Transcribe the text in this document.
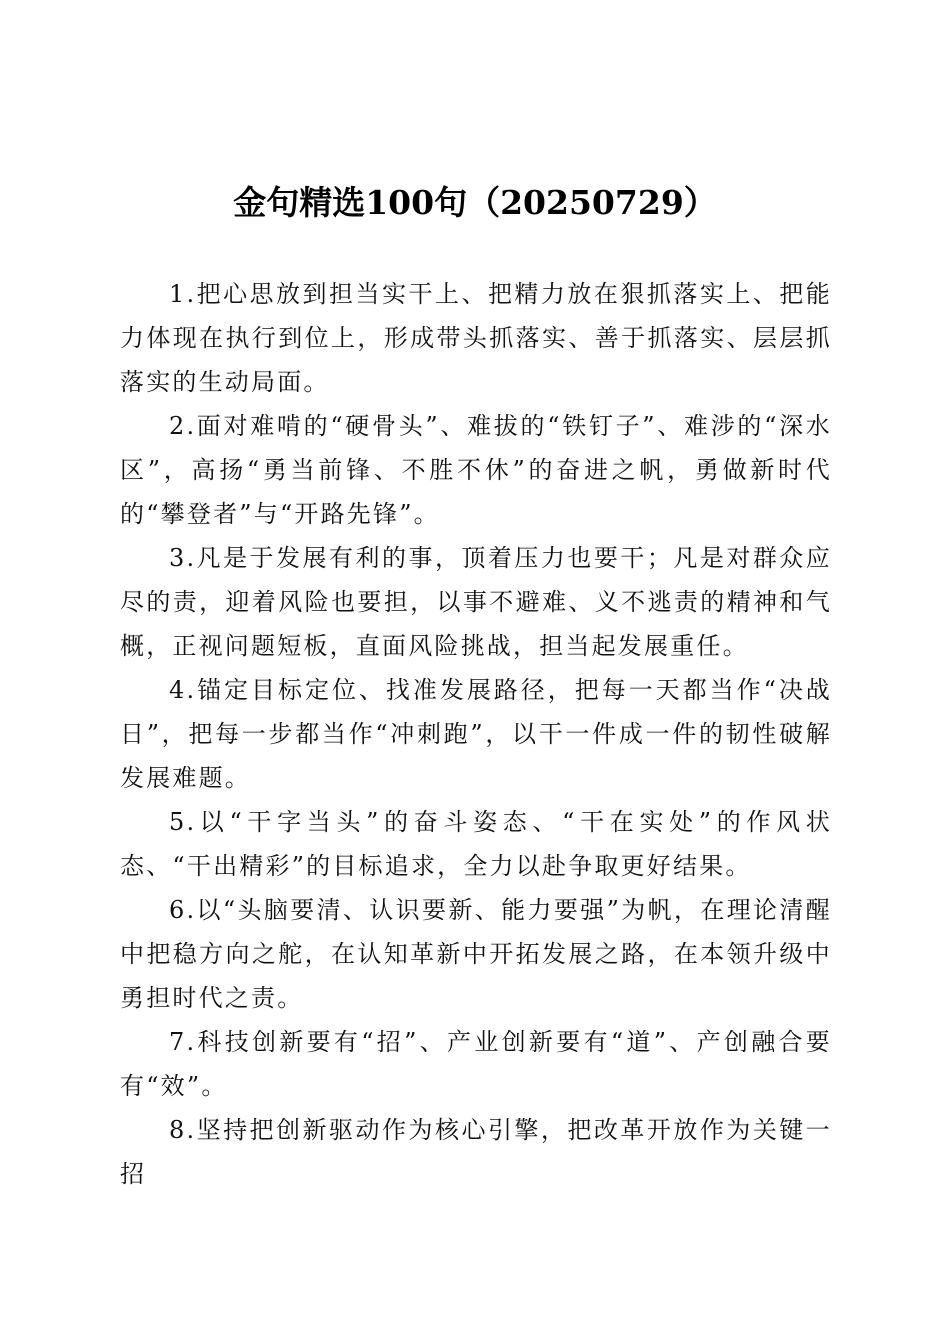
金句精选100句（20250729）

1.把心思放到担当实干上、把精力放在狠抓落实上、把能力体现在执行到位上，形成带头抓落实、善于抓落实、层层抓落实的生动局面。

2.面对难啃的“硬骨头”、难拔的“铁钉子”、难涉的“深水区”，高扬“勇当前锋、不胜不休”的奋进之帆，勇做新时代的“攀登者”与“开路先锋”。

3.凡是于发展有利的事，顶着压力也要干；凡是对群众应尽的责，迎着风险也要担，以事不避难、义不逃责的精神和气概，正视问题短板，直面风险挑战，担当起发展重任。

4.锚定目标定位、找准发展路径，把每一天都当作“决战日”，把每一步都当作“冲刺跑”，以干一件成一件的韧性破解发展难题。

5.以“干字当头”的奋斗姿态、“干在实处”的作风状态、“干出精彩”的目标追求，全力以赴争取更好结果。

6.以“头脑要清、认识要新、能力要强”为帆，在理论清醒中把稳方向之舵，在认知革新中开拓发展之路，在本领升级中勇担时代之责。

7.科技创新要有“招”、产业创新要有“道”、产创融合要有“效”。

8.坚持把创新驱动作为核心引擎，把改革开放作为关键一招
